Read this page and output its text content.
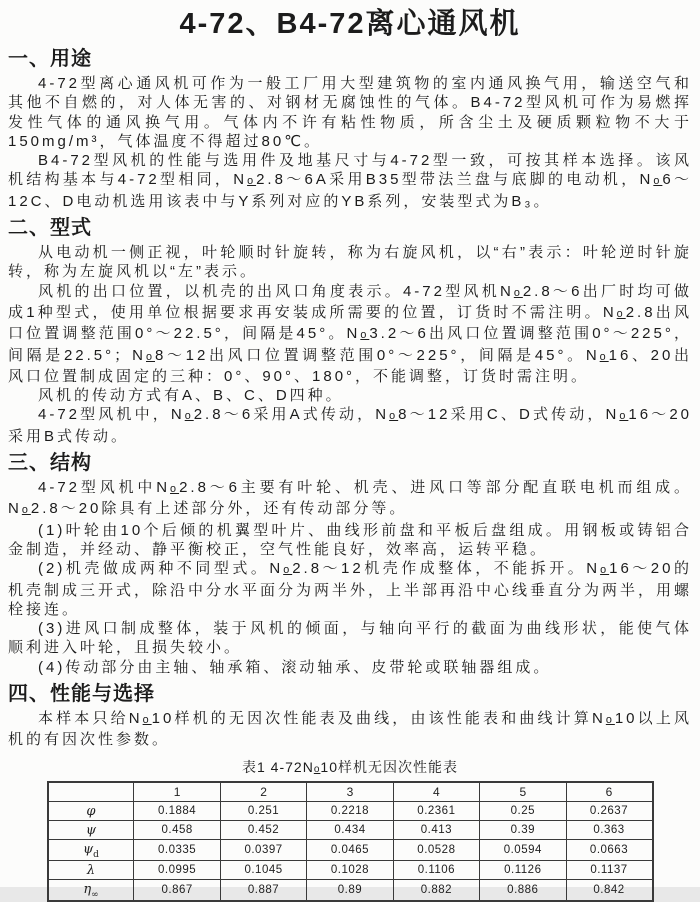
4-72、B4-72离心通风机
一、用途

4-72型离心通风机可作为一般工厂用大型建筑物的室内通风换气用，输送空气和其他不自燃的，对人体无害的、对钢材无腐蚀性的气体。B4-72型风机可作为易燃挥发性气体的通风换气用。气体内不许有粘性物质，所含尘土及硬质颗粒物不大于150mg/m³，气体温度不得超过80℃。

B4-72型风机的性能与选用件及地基尺寸与4-72型一致，可按其样本选择。该风机结构基本与4-72型相同，No2.8～6A采用B35型带法兰盘与底脚的电动机，No6～12C、D电动机选用该表中与Y系列对应的YB系列，安装型式为B₃。

二、型式

从电动机一侧正视，叶轮顺时针旋转，称为右旋风机，以“右”表示：叶轮逆时针旋转，称为左旋风机以“左”表示。

风机的出口位置，以机壳的出风口角度表示。4-72型风机No2.8～6出厂时均可做成1种型式，使用单位根据要求再安装成所需要的位置，订货时不需注明。No2.8出风口位置调整范围0°～22.5°，间隔是45°。No3.2～6出风口位置调整范围0°～225°，间隔是22.5°；No8～12出风口位置调整范围0°～225°，间隔是45°。No16、20出风口位置制成固定的三种：0°、90°、180°，不能调整，订货时需注明。

风机的传动方式有A、B、C、D四种。

4-72型风机中，No2.8～6采用A式传动，No8～12采用C、D式传动，No16～20采用B式传动。

三、结构

4-72型风机中No2.8～6主要有叶轮、机壳、进风口等部分配直联电机而组成。No2.8～20除具有上述部分外，还有传动部分等。

(1)叶轮由10个后倾的机翼型叶片、曲线形前盘和平板后盘组成。用钢板或铸铝合金制造，并经动、静平衡校正，空气性能良好，效率高，运转平稳。

(2)机壳做成两种不同型式。No2.8～12机壳作成整体，不能拆开。No16～20的机壳制成三开式，除沿中分水平面分为两半外，上半部再沿中心线垂直分为两半，用螺栓接连。

(3)进风口制成整体，装于风机的倾面，与轴向平行的截面为曲线形状，能使气体顺利进入叶轮，且损失较小。

(4)传动部分由主轴、轴承箱、滚动轴承、皮带轮或联轴器组成。

四、性能与选择

本样本只给No10样机的无因次性能表及曲线，由该性能表和曲线计算No10以上风机的有因次性参数。

表1 4-72No10样机无因次性能表
	1	2	3	4	5	6
φ	0.1884	0.251	0.2218	0.2361	0.25	0.2637
ψ	0.458	0.452	0.434	0.413	0.39	0.363
$\psi_d$	0.0335	0.0397	0.0465	0.0528	0.0594	0.0663
λ	0.0995	0.1045	0.1028	0.1106	0.1126	0.1137
$\eta_\infty$	0.867	0.887	0.89	0.882	0.886	0.842
